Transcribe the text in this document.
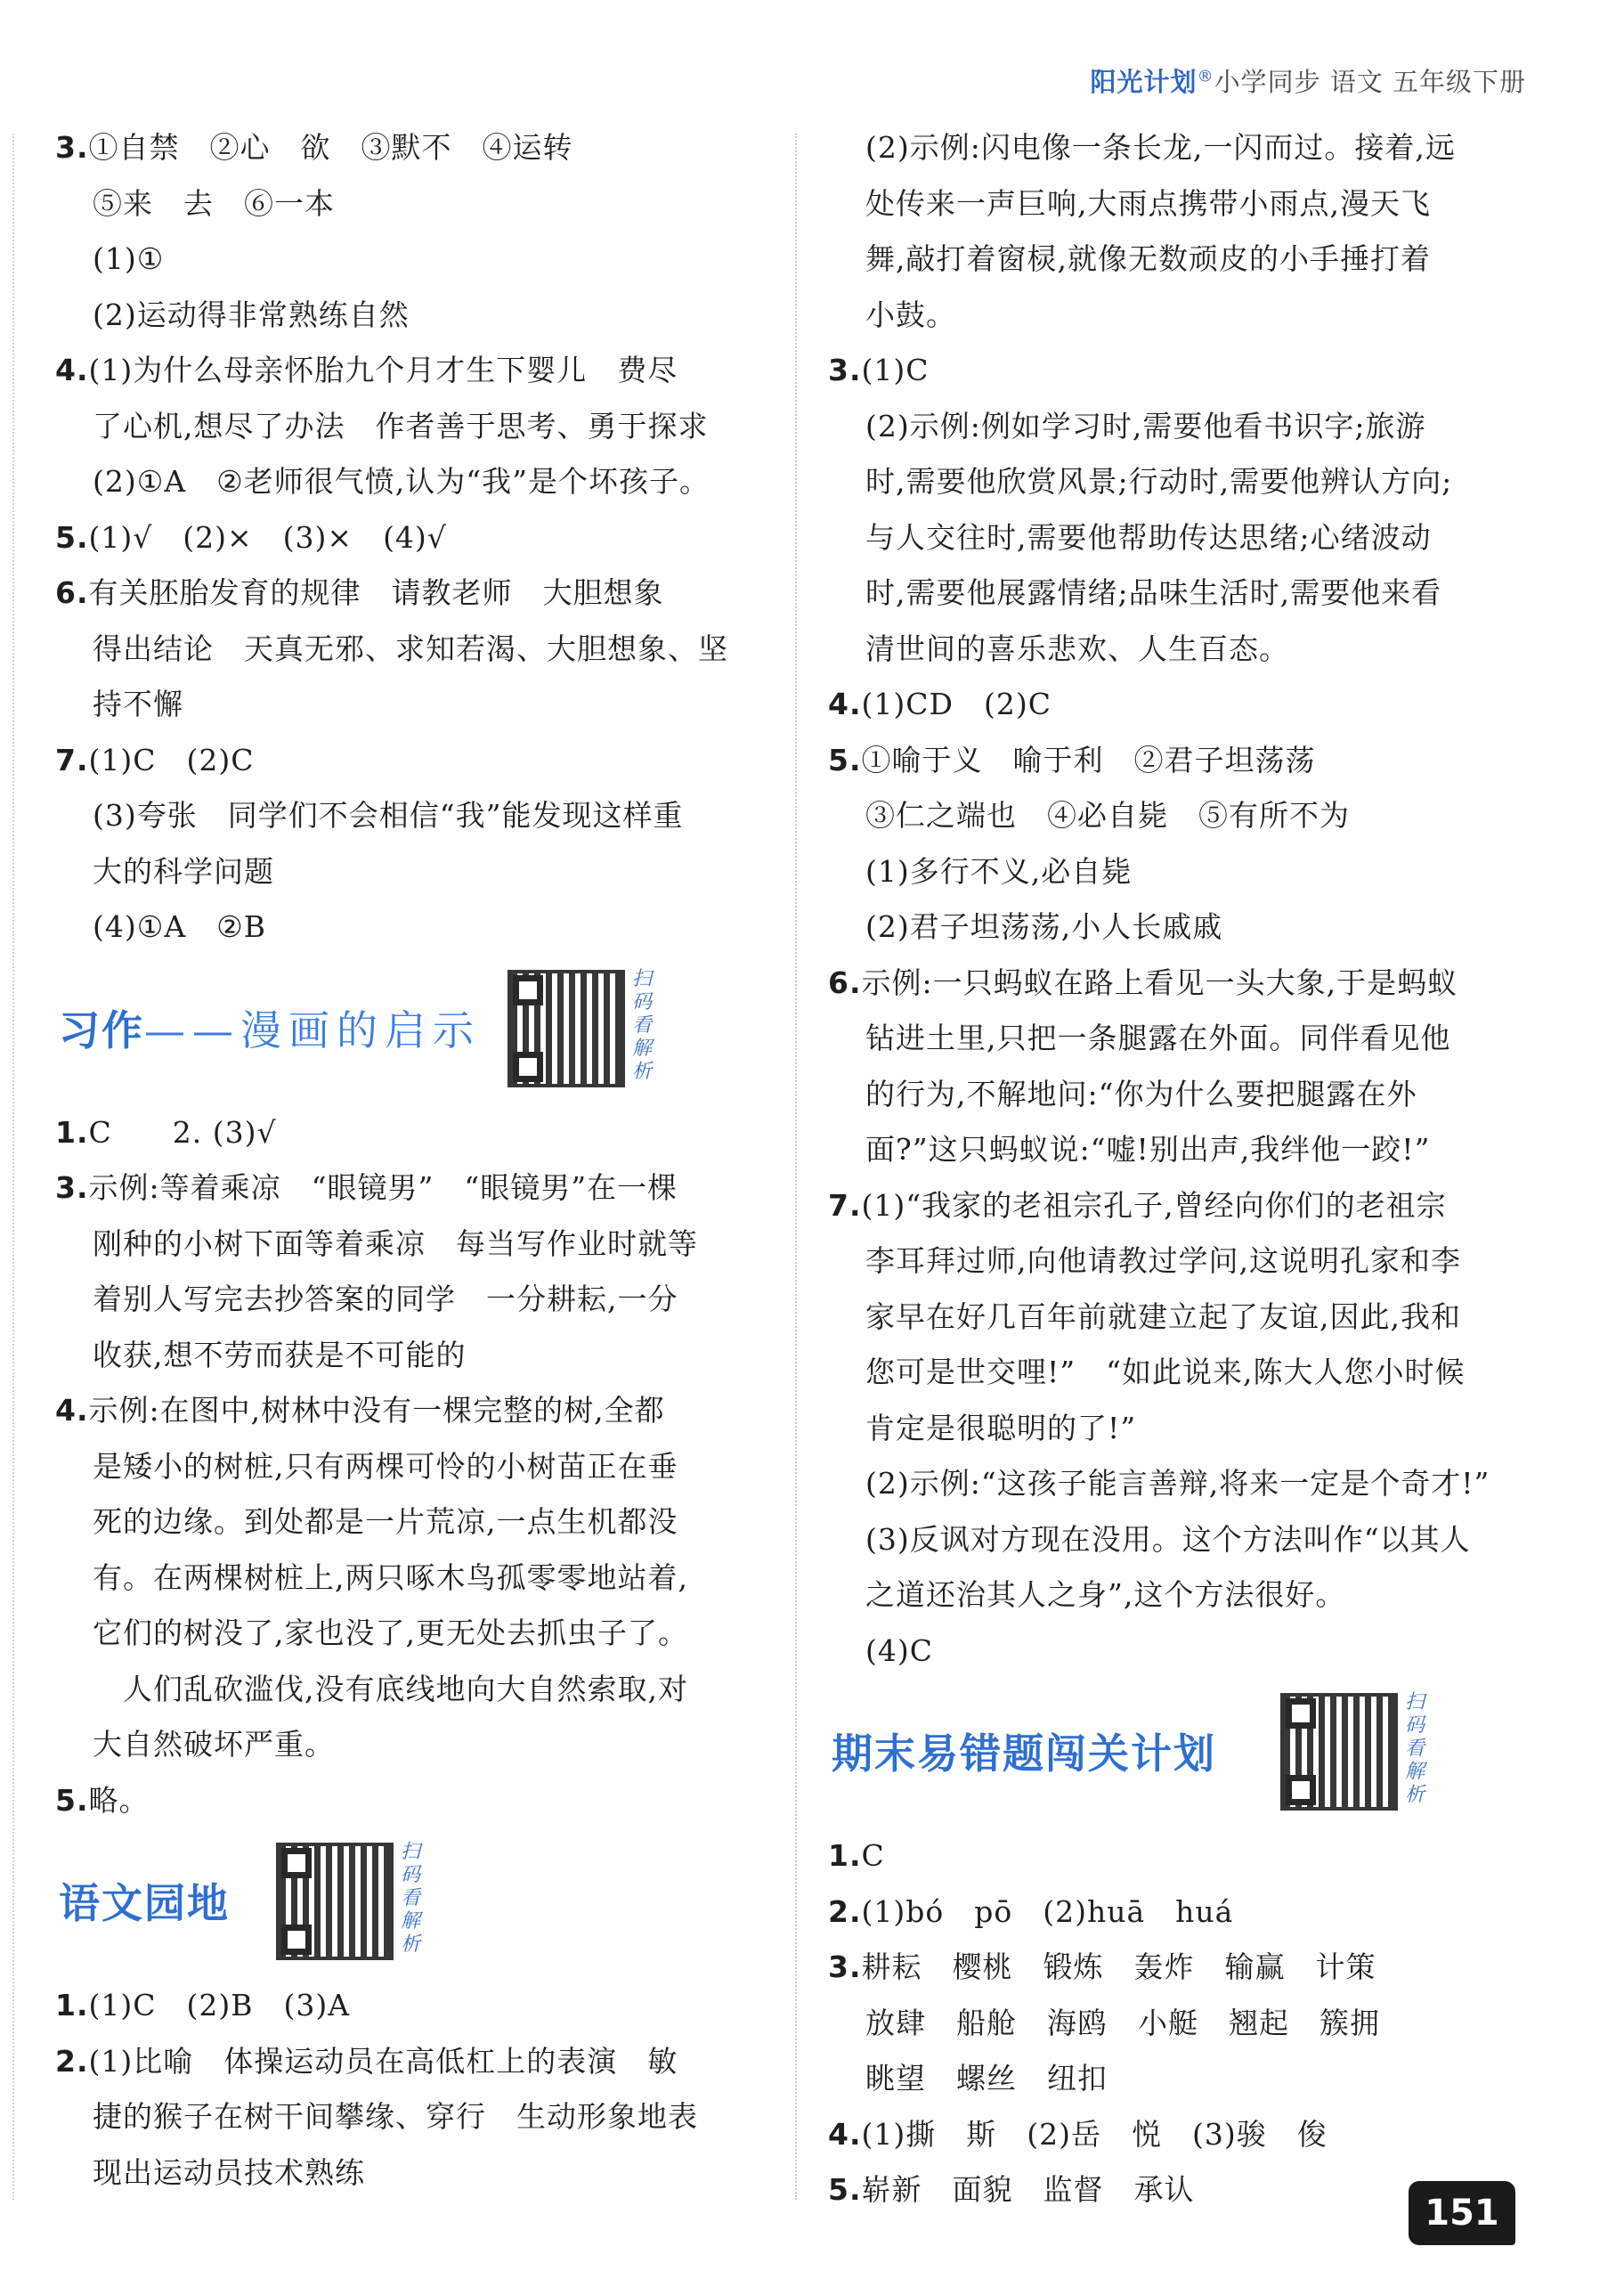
阳光计划®小学同步 语文 五年级下册
3.①自禁　②心　欲　③默不　④运转
⑤来　去　⑥一本
(1)①
(2)运动得非常熟练自然
4.(1)为什么母亲怀胎九个月才生下婴儿　费尽
了心机,想尽了办法　作者善于思考、勇于探求
(2)①A　②老师很气愤,认为“我”是个坏孩子。
5.(1)√　(2)×　(3)×　(4)√
6.有关胚胎发育的规律　请教老师　大胆想象
得出结论　天真无邪、求知若渴、大胆想象、坚
持不懈
7.(1)C　(2)C
(3)夸张　同学们不会相信“我”能发现这样重
大的科学问题
(4)①A　②B
习作——漫画的启示
扫码看解析
1.C　　2. (3)√
3.示例:等着乘凉　“眼镜男”　“眼镜男”在一棵
刚种的小树下面等着乘凉　每当写作业时就等
着别人写完去抄答案的同学　一分耕耘,一分
收获,想不劳而获是不可能的
4.示例:在图中,树林中没有一棵完整的树,全都
是矮小的树桩,只有两棵可怜的小树苗正在垂
死的边缘。到处都是一片荒凉,一点生机都没
有。在两棵树桩上,两只啄木鸟孤零零地站着,
它们的树没了,家也没了,更无处去抓虫子了。
　人们乱砍滥伐,没有底线地向大自然索取,对
大自然破坏严重。
5.略。
语文园地
扫码看解析
1.(1)C　(2)B　(3)A
2.(1)比喻　体操运动员在高低杠上的表演　敏
捷的猴子在树干间攀缘、穿行　生动形象地表
现出运动员技术熟练
(2)示例:闪电像一条长龙,一闪而过。接着,远
处传来一声巨响,大雨点携带小雨点,漫天飞
舞,敲打着窗棂,就像无数顽皮的小手捶打着
小鼓。
3.(1)C
(2)示例:例如学习时,需要他看书识字;旅游
时,需要他欣赏风景;行动时,需要他辨认方向;
与人交往时,需要他帮助传达思绪;心绪波动
时,需要他展露情绪;品味生活时,需要他来看
清世间的喜乐悲欢、人生百态。
4.(1)CD　(2)C
5.①喻于义　喻于利　②君子坦荡荡
③仁之端也　④必自毙　⑤有所不为
(1)多行不义,必自毙
(2)君子坦荡荡,小人长戚戚
6.示例:一只蚂蚁在路上看见一头大象,于是蚂蚁
钻进土里,只把一条腿露在外面。同伴看见他
的行为,不解地问:“你为什么要把腿露在外
面?”这只蚂蚁说:“嘘!别出声,我绊他一跤!”
7.(1)“我家的老祖宗孔子,曾经向你们的老祖宗
李耳拜过师,向他请教过学问,这说明孔家和李
家早在好几百年前就建立起了友谊,因此,我和
您可是世交哩!”　“如此说来,陈大人您小时候
肯定是很聪明的了!”
(2)示例:“这孩子能言善辩,将来一定是个奇才!”
(3)反讽对方现在没用。这个方法叫作“以其人
之道还治其人之身”,这个方法很好。
(4)C
期末易错题闯关计划
扫码看解析
1.C
2.(1)bó　pō　(2)huā　huá
3.耕耘　樱桃　锻炼　轰炸　输赢　计策
放肆　船舱　海鸥　小艇　翘起　簇拥
眺望　螺丝　纽扣
4.(1)撕　斯　(2)岳　悦　(3)骏　俊
5.崭新　面貌　监督　承认
151
